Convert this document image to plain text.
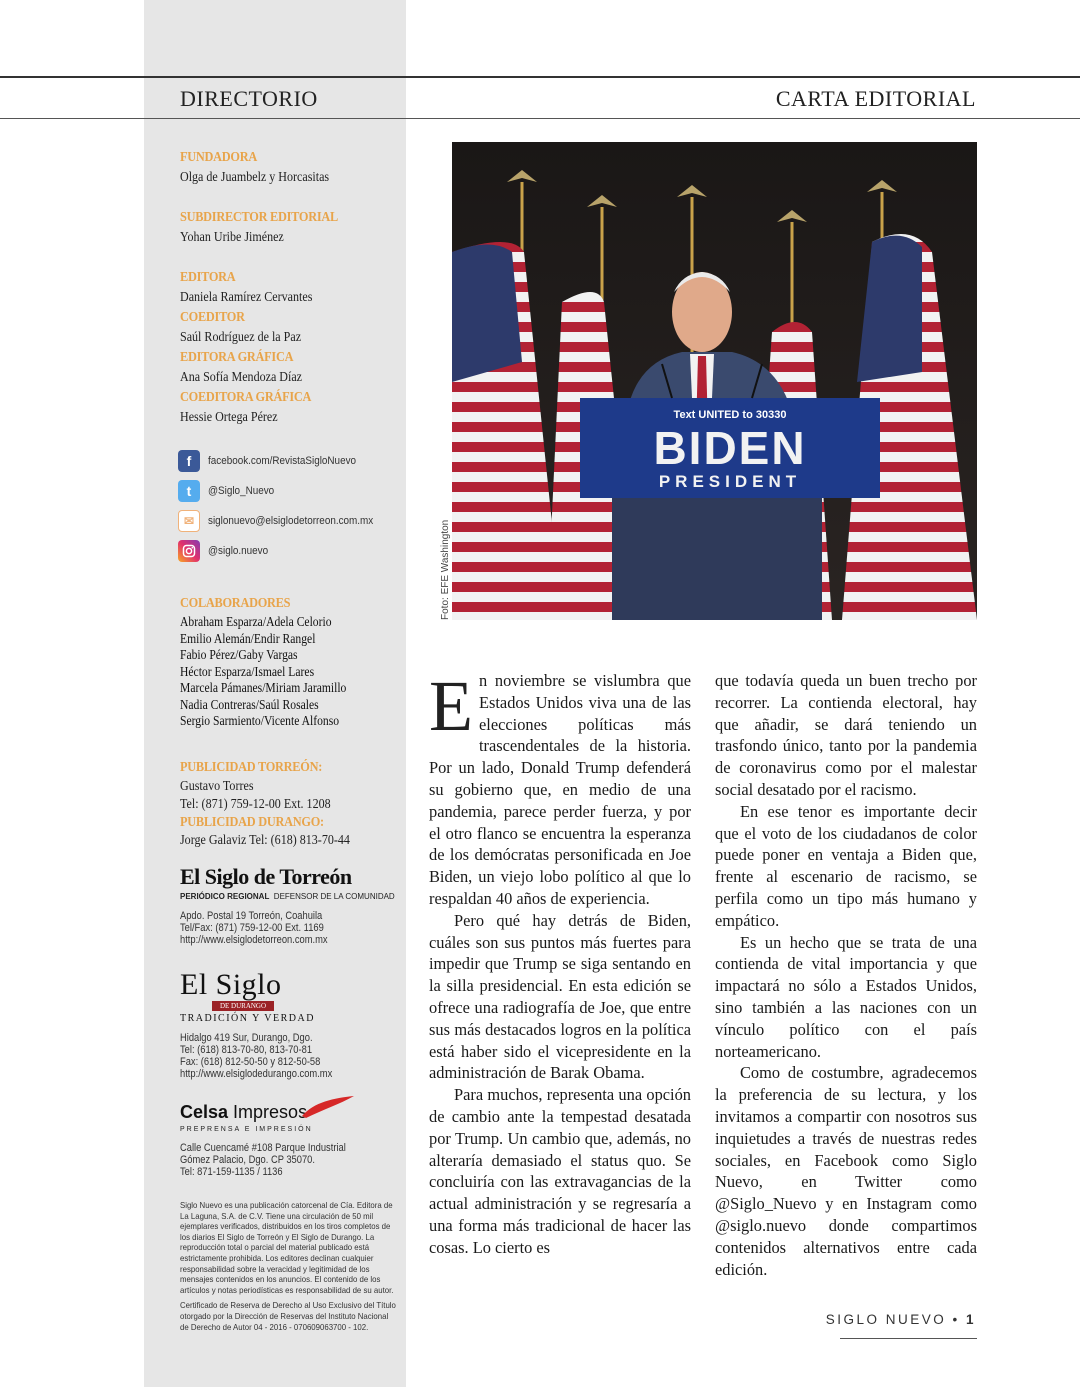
DIRECTORIO	CARTA EDITORIAL
FUNDADORA
Olga de Juambelz y Horcasitas
SUBDIRECTOR EDITORIAL
Yohan Uribe Jiménez
EDITORA
Daniela Ramírez Cervantes
COEDITOR
Saúl Rodríguez de la Paz
EDITORA GRÁFICA
Ana Sofía Mendoza Díaz
COEDITORA GRÁFICA
Hessie Ortega Pérez
f	facebook.com/RevistaSigloNuevo
t	@Siglo_Nuevo
✉	siglonuevo@elsiglodetorreon.com.mx
@siglo.nuevo
COLABORADORES
Abraham Esparza/Adela Celorio
Emilio Alemán/Endir Rangel
Fabio Pérez/Gaby Vargas
Héctor Esparza/Ismael Lares
Marcela Pámanes/Miriam Jaramillo
Nadia Contreras/Saúl Rosales
Sergio Sarmiento/Vicente Alfonso
PUBLICIDAD TORREÓN:
Gustavo Torres
Tel: (871) 759-12-00 Ext. 1208
PUBLICIDAD DURANGO:
Jorge Galaviz Tel: (618) 813-70-44
El Siglo de Torreón
PERIÓDICO REGIONAL DEFENSOR DE LA COMUNIDAD
Apdo. Postal 19 Torreón, Coahuila
Tel/Fax: (871) 759-12-00 Ext. 1169
http://www.elsiglodetorreon.com.mx
El Siglo
DE DURANGO
TRADICIÓN Y VERDAD
Hidalgo 419 Sur, Durango, Dgo.
Tel: (618) 813-70-80, 813-70-81
Fax: (618) 812-50-50 y 812-50-58
http://www.elsiglodedurango.com.mx
Celsa Impresos
PREPRENSA E IMPRESIÓN
Calle Cuencamé #108 Parque Industrial
Gómez Palacio, Dgo. CP 35070.
Tel: 871-159-1135 / 1136

Siglo Nuevo es una publicación catorcenal de Cía. Editora de La Laguna, S.A. de C.V. Tiene una circulación de 50 mil ejemplares verificados, distribuidos en los tiros completos de los diarios El Siglo de Torreón y El Siglo de Durango. La reproducción total o parcial del material publicado está estrictamente prohibida. Los editores declinan cualquier responsabilidad sobre la veracidad y legitimidad de los mensajes contenidos en los anuncios. El contenido de los artículos y notas periodísticas es responsabilidad de su autor.

Certificado de Reserva de Derecho al Uso Exclusivo del Título otorgado por la Dirección de Reservas del Instituto Nacional de Derecho de Autor 04 - 2016 - 070609063700 - 102.

Text UNITED to 30330
BIDEN
PRESIDENT
Foto: EFE Washington

En noviembre se vislumbra que Estados Unidos viva una de las elecciones políticas más trascendentales de la historia. Por un lado, Donald Trump defenderá su gobierno que, en medio de una pandemia, parece perder fuerza, y por el otro flanco se encuentra la esperanza de los demócratas personificada en Joe Biden, un viejo lobo político al que lo respaldan 40 años de experiencia.

Pero qué hay detrás de Biden, cuáles son sus puntos más fuertes para impedir que Trump se siga sentando en la silla presidencial. En esta edición se ofrece una radiografía de Joe, que entre sus más destacados logros en la política está haber sido el vicepresidente en la administración de Barak Obama.

Para muchos, representa una opción de cambio ante la tempestad desatada por Trump. Un cambio que, además, no alteraría demasiado el status quo. Se concluiría con las extravagancias de la actual administración y se regresaría a una forma más tradicional de hacer las cosas. Lo cierto es

que todavía queda un buen trecho por recorrer. La contienda electoral, hay que añadir, se dará teniendo un trasfondo único, tanto por la pandemia de coronavirus como por el malestar social desatado por el racismo.

En ese tenor es importante decir que el voto de los ciudadanos de color puede poner en ventaja a Biden que, frente al escenario de racismo, se perfila como un tipo más humano y empático.

Es un hecho que se trata de una contienda de vital importancia y que impactará no sólo a Estados Unidos, sino también a las naciones con un vínculo político con el país norteamericano.

Como de costumbre, agradecemos la preferencia de su lectura, y los invitamos a compartir con nosotros sus inquietudes a través de nuestras redes sociales, en Facebook como Siglo Nuevo, en Twitter como @Siglo_Nuevo y en Instagram como @siglo.nuevo donde compartimos contenidos alternativos entre cada edición.

SIGLO NUEVO • 1
